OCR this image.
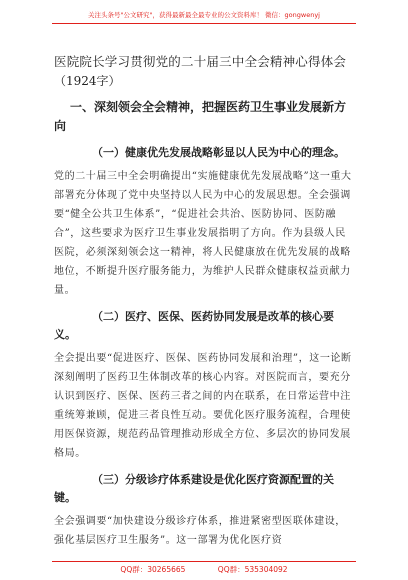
关注头条号"公文研究"，获得最新最全最专业的公文资料库！ 微信：gongwenyj

医院院长学习贯彻党的二十届三中全会精神心得体会

（1924字）

一、深刻领会全会精神，把握医药卫生事业发展新方向

（一）健康优先发展战略彰显以人民为中心的理念。

党的二十届三中全会明确提出“实施健康优先发展战略”这一重大部署充分体现了党中央坚持以人民为中心的发展思想。全会强调要“健全公共卫生体系”，“促进社会共治、医防协同、医防融合”，这些要求为医疗卫生事业发展指明了方向。作为县级人民医院，必须深刻领会这一精神，将人民健康放在优先发展的战略地位，不断提升医疗服务能力，为维护人民群众健康权益贡献力量。

（二）医疗、医保、医药协同发展是改革的核心要义。

全会提出要“促进医疗、医保、医药协同发展和治理”，这一论断深刻阐明了医药卫生体制改革的核心内容。对医院而言，要充分认识到医疗、医保、医药三者之间的内在联系，在日常运营中注重统筹兼顾，促进三者良性互动。要优化医疗服务流程，合理使用医保资源，规范药品管理推动形成全方位、多层次的协同发展格局。

（三）分级诊疗体系建设是优化医疗资源配置的关键。

全会强调要“加快建设分级诊疗体系，推进紧密型医联体建设，强化基层医疗卫生服务”。这一部署为优化医疗资

QQ群：30265665	QQ群：535304092
